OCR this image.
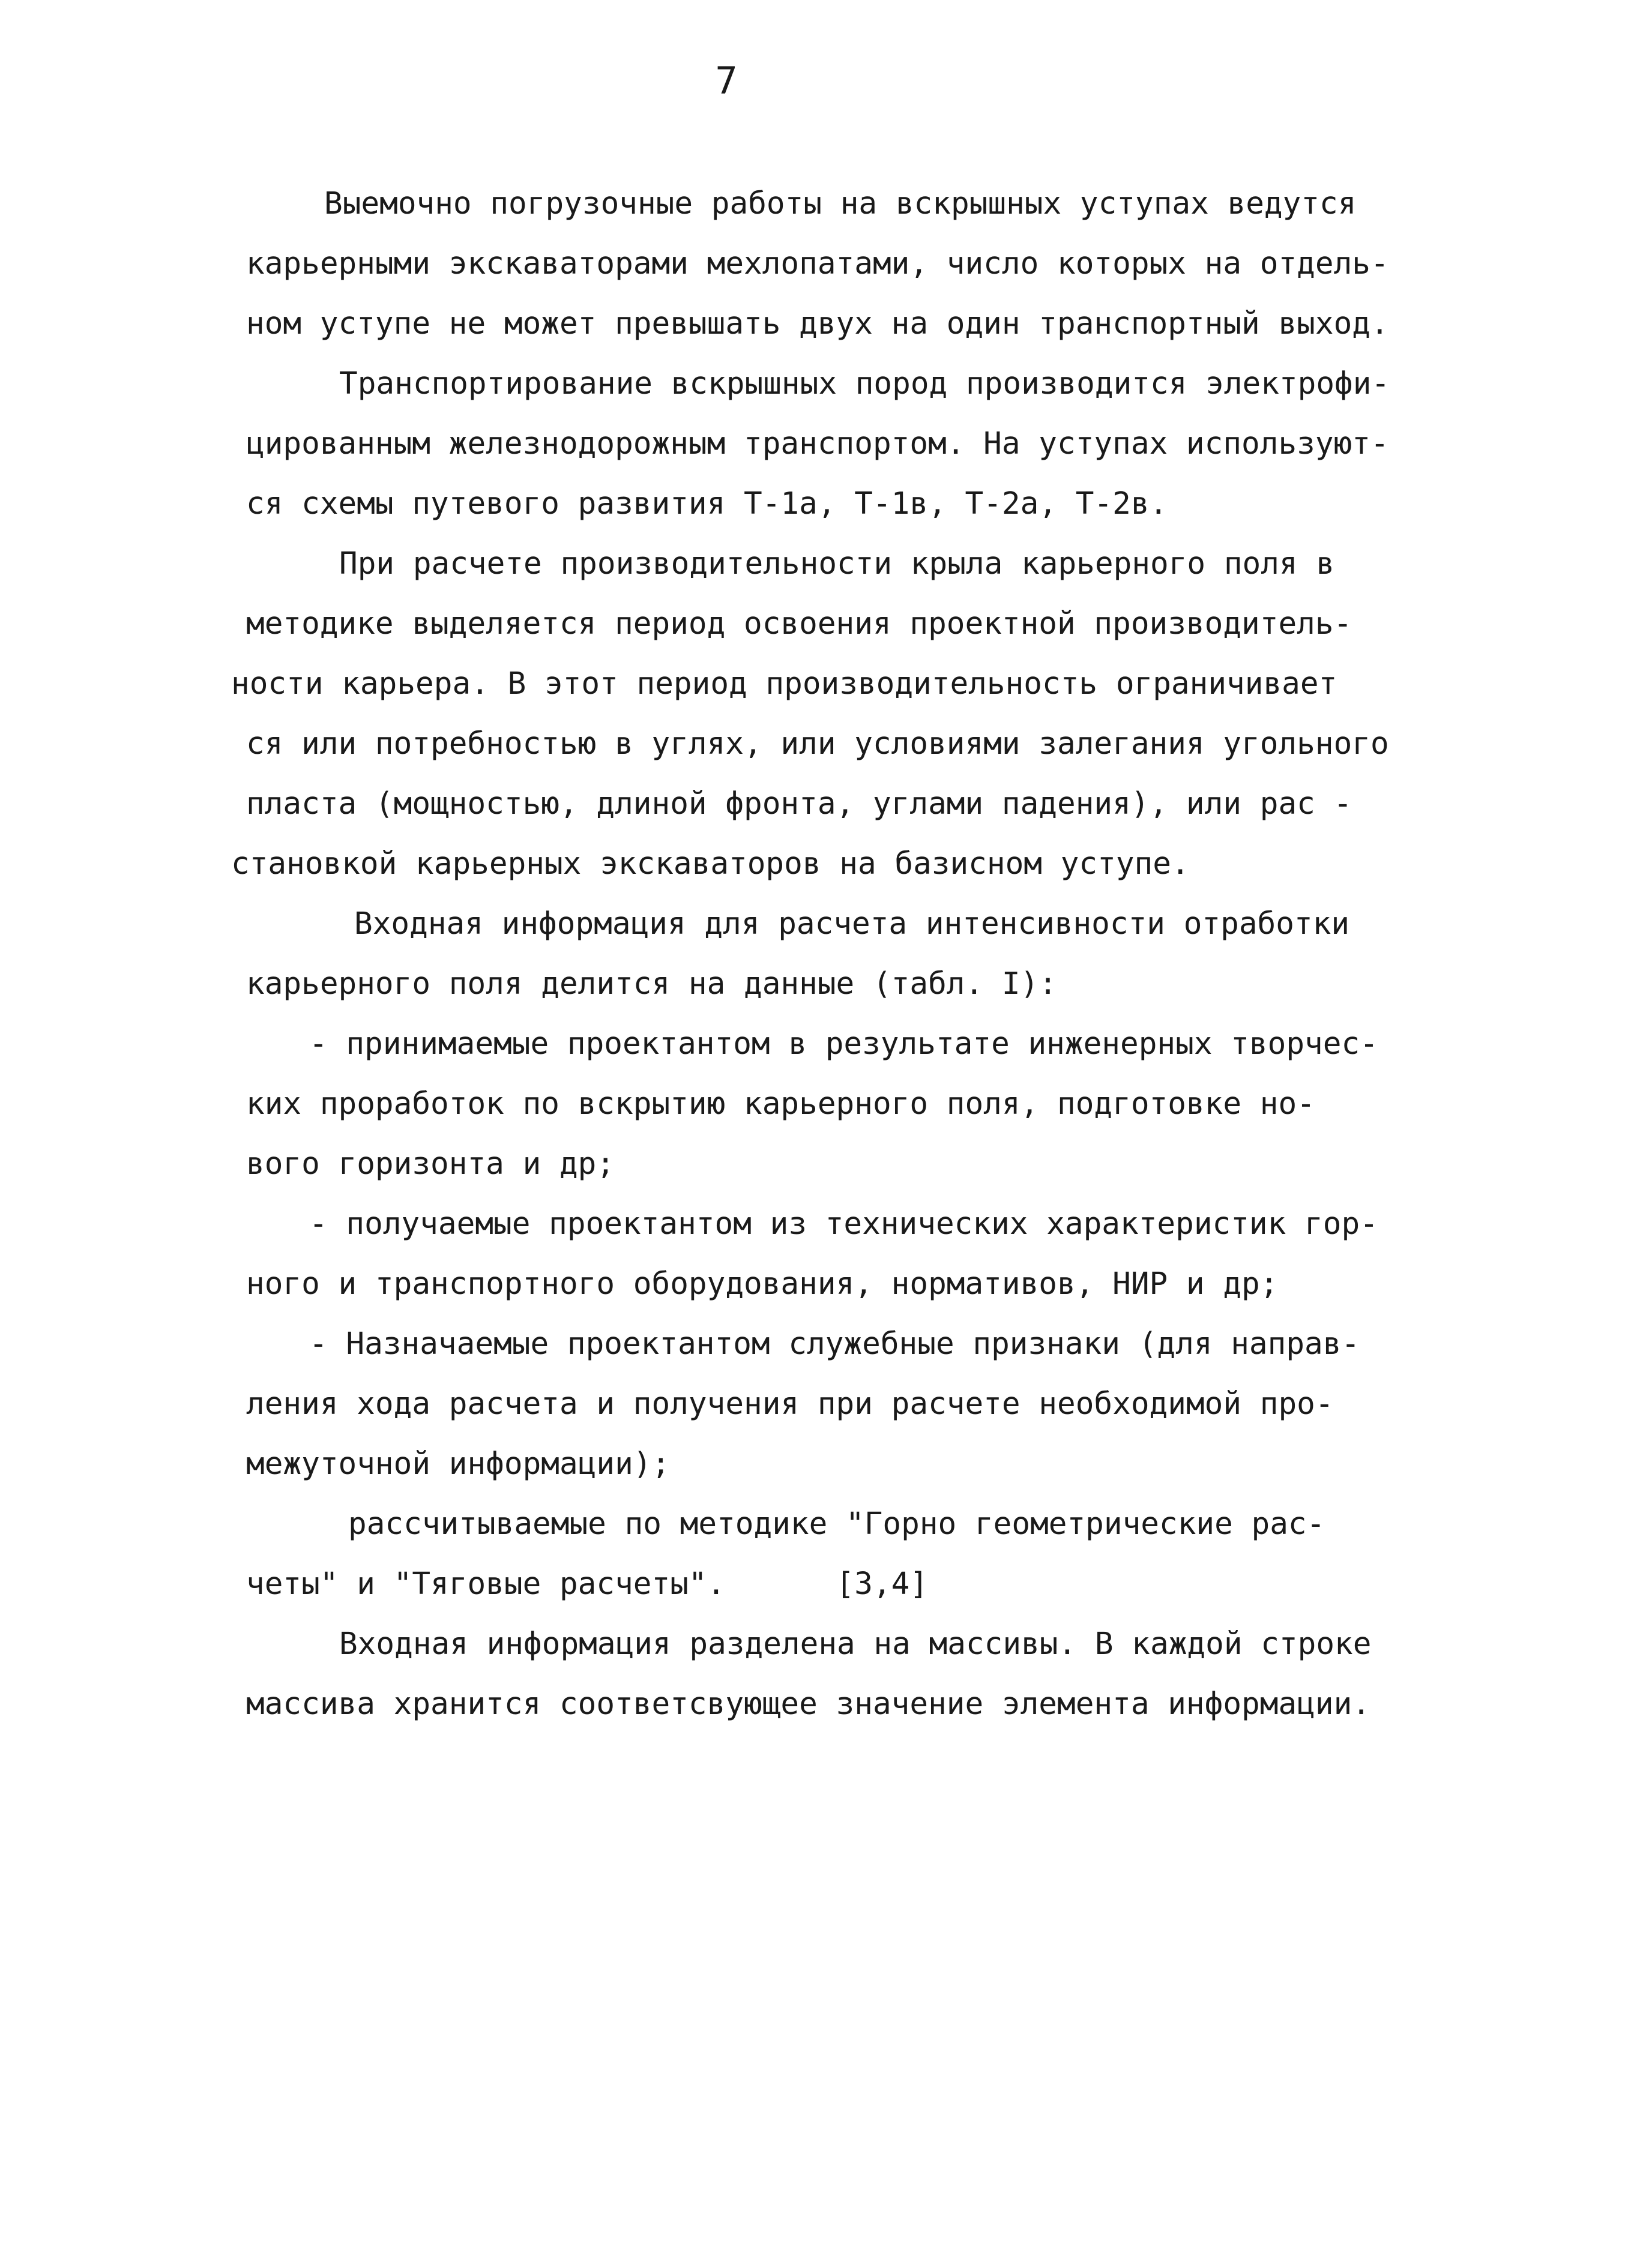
7
Выемочно погрузочные работы на вскрышных уступах ведутся
карьерными экскаваторами мехлопатами, число которых на отдель-
ном уступе не может превышать двух на один транспортный выход.
Транспортирование вскрышных пород производится электрофи-
цированным железнодорожным транспортом. На уступах используют-
ся схемы путевого развития Т-1а, Т-1в, Т-2а, Т-2в.
При расчете производительности крыла карьерного поля в
методике выделяется период освоения проектной производитель-
ности карьера. В этот период производительность ограничивает
ся или потребностью в углях, или условиями залегания угольного
пласта (мощностью, длиной фронта, углами падения), или рас -
становкой карьерных экскаваторов на базисном уступе.
Входная информация для расчета интенсивности отработки
карьерного поля делится на данные (табл. I):
- принимаемые проектантом в результате инженерных творчес-
ких проработок по вскрытию карьерного поля, подготовке но-
вого горизонта и др;
- получаемые проектантом из технических характеристик гор-
ного и транспортного оборудования, нормативов, НИР и др;
- Назначаемые проектантом служебные признаки (для направ-
ления хода расчета и получения при расчете необходимой про-
межуточной информации);
рассчитываемые по методике "Горно геометрические рас-
четы" и "Тяговые расчеты".      [3,4]
Входная информация разделена на массивы. В каждой строке
массива хранится соответсвующее значение элемента информации.
